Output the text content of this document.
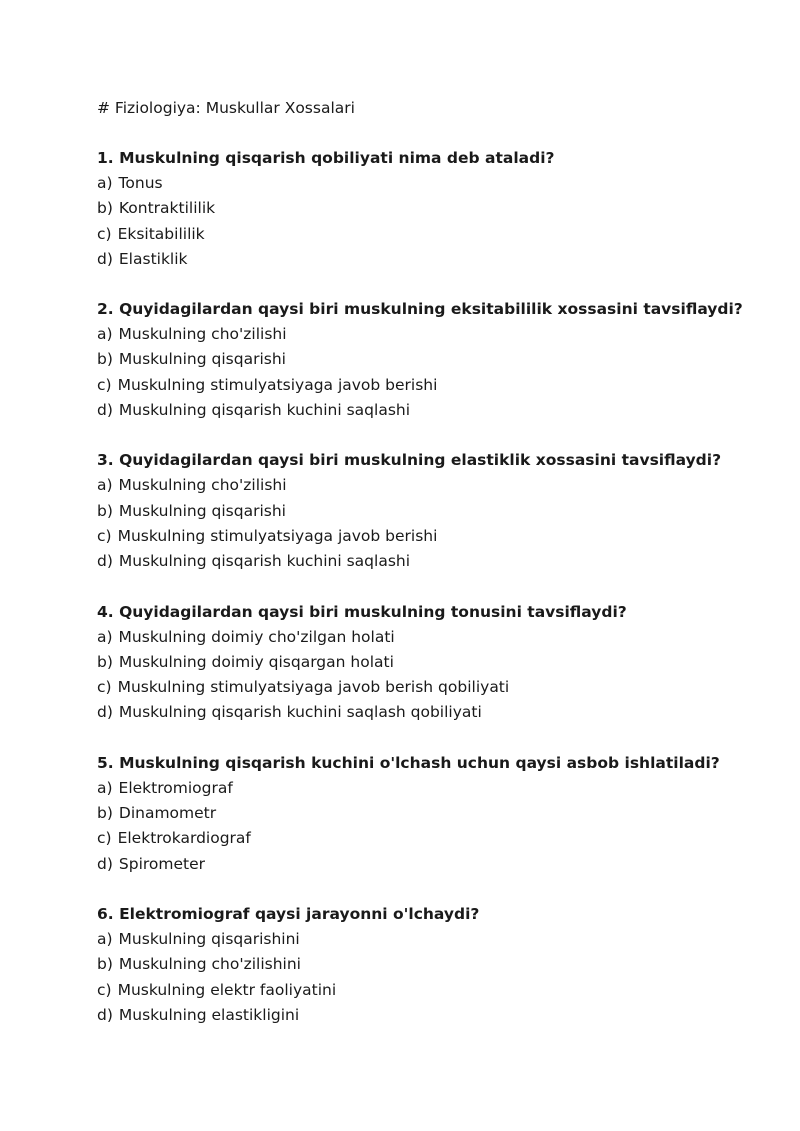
# Fiziologiya: Muskullar Xossalari
1. Muskulning qisqarish qobiliyati nima deb ataladi?
a) Tonus
b) Kontraktililik
c) Eksitabililik
d) Elastiklik
2. Quyidagilardan qaysi biri muskulning eksitabililik xossasini tavsiflaydi?
a) Muskulning cho'zilishi
b) Muskulning qisqarishi
c) Muskulning stimulyatsiyaga javob berishi
d) Muskulning qisqarish kuchini saqlashi
3. Quyidagilardan qaysi biri muskulning elastiklik xossasini tavsiflaydi?
a) Muskulning cho'zilishi
b) Muskulning qisqarishi
c) Muskulning stimulyatsiyaga javob berishi
d) Muskulning qisqarish kuchini saqlashi
4. Quyidagilardan qaysi biri muskulning tonusini tavsiflaydi?
a) Muskulning doimiy cho'zilgan holati
b) Muskulning doimiy qisqargan holati
c) Muskulning stimulyatsiyaga javob berish qobiliyati
d) Muskulning qisqarish kuchini saqlash qobiliyati
5. Muskulning qisqarish kuchini o'lchash uchun qaysi asbob ishlatiladi?
a) Elektromiograf
b) Dinamometr
c) Elektrokardiograf
d) Spirometer
6. Elektromiograf qaysi jarayonni o'lchaydi?
a) Muskulning qisqarishini
b) Muskulning cho'zilishini
c) Muskulning elektr faoliyatini
d) Muskulning elastikligini
